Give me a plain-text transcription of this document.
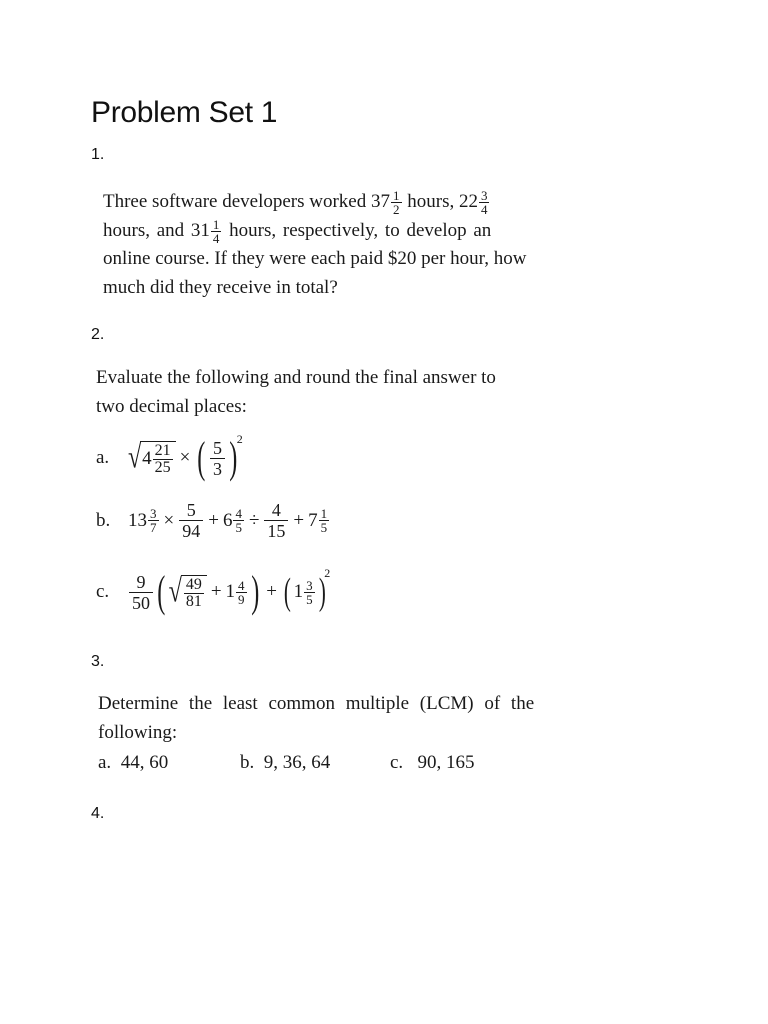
Problem Set 1
1.
Three software developers worked $37 \frac{1}{2}$ hours, $22 \frac{3}{4}$
hours, and $31 \frac{1}{4}$ hours, respectively, to develop an
online course. If they were each paid $20 per hour, how
much did they receive in total?
2.
Evaluate the following and round the final answer to
two decimal places:
a. √ $4 \frac{21}{25}$ × ( $\frac{5}{3}$ ) 2
b. $13 \frac{3}{7} \times \frac{5}{94} + 6 \frac{4}{5} \div \frac{4}{15} + 7 \frac{1}{5}$
c.	$\frac{9}{50}$ ( √ $\frac{49}{81} + 1 \frac{4}{9}$ ) + ( $1 \frac{3}{5}$ )
2
3.
Determine the least common multiple (LCM) of the
following:
a. 44, 60	b. 9, 36, 64	c. 90, 165
4.
